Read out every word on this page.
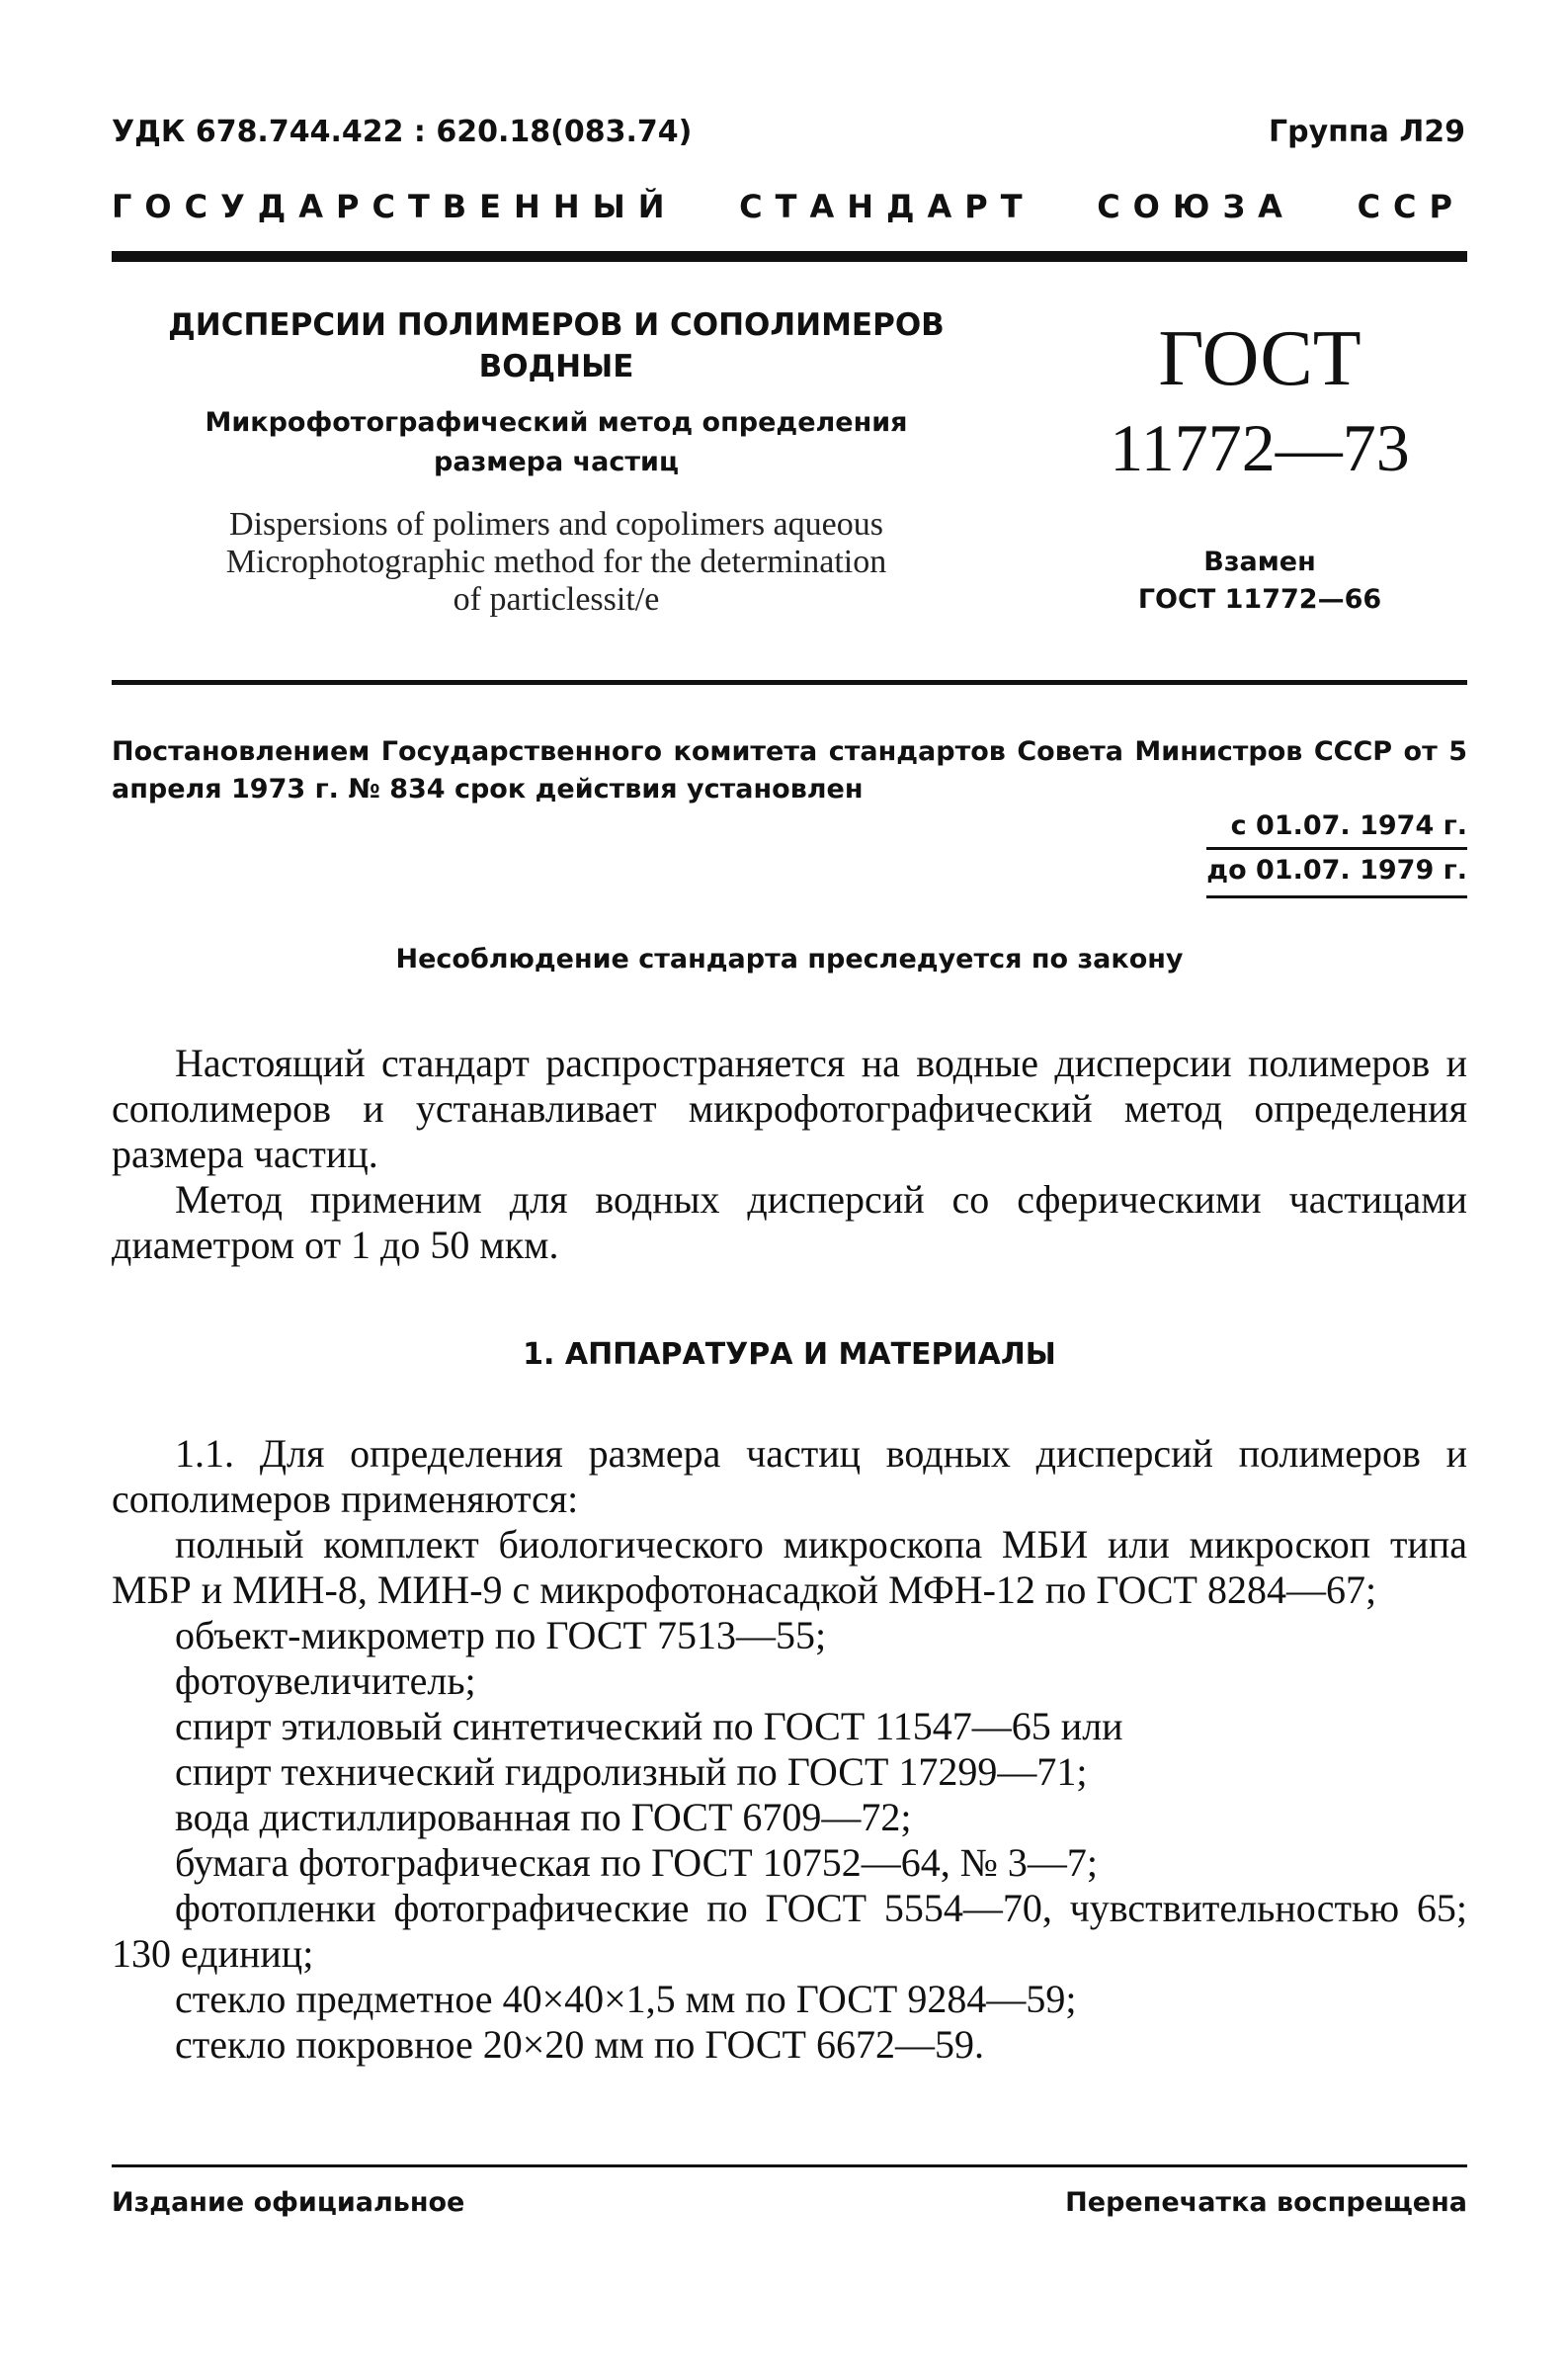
УДК 678.744.422 : 620.18(083.74)	Группа Л29
ГОСУДАРСТВЕННЫЙ СТАНДАРТ СОЮЗА ССР
ДИСПЕРСИИ ПОЛИМЕРОВ И СОПОЛИМЕРОВ
ВОДНЫЕ
Микрофотографический метод определения
размера частиц
Dispersions of polimers and copolimers aqueous
Microphotographic method for the determination
of particlessit/e
ГОСТ
11772—73
Взамен
ГОСТ 11772—66
Постановлением Государственного комитета стандартов Совета Министров СССР от 5 апреля 1973 г. № 834 срок действия установлен
с 01.07. 1974 г.
до 01.07. 1979 г.
Несоблюдение стандарта преследуется по закону
Настоящий стандарт распространяется на водные дисперсии полимеров и сополимеров и устанавливает микрофотографический метод определения размера частиц.
Метод применим для водных дисперсий со сферическими частицами диаметром от 1 до 50 мкм.
1. АППАРАТУРА И МАТЕРИАЛЫ

1.1. Для определения размера частиц водных дисперсий полимеров и сополимеров применяются:

полный комплект биологического микроскопа МБИ или микроскоп типа МБР и МИН-8, МИН-9 с микрофотонасадкой МФН-12 по ГОСТ 8284—67;

объект-микрометр по ГОСТ 7513—55;

фотоувеличитель;

спирт этиловый синтетический по ГОСТ 11547—65 или

спирт технический гидролизный по ГОСТ 17299—71;

вода дистиллированная по ГОСТ 6709—72;

бумага фотографическая по ГОСТ 10752—64, № 3—7;

фотопленки фотографические по ГОСТ 5554—70, чувствительностью 65; 130 единиц;

стекло предметное 40×40×1,5 мм по ГОСТ 9284—59;

стекло покровное 20×20 мм по ГОСТ 6672—59.

Издание официальное	Перепечатка воспрещена
